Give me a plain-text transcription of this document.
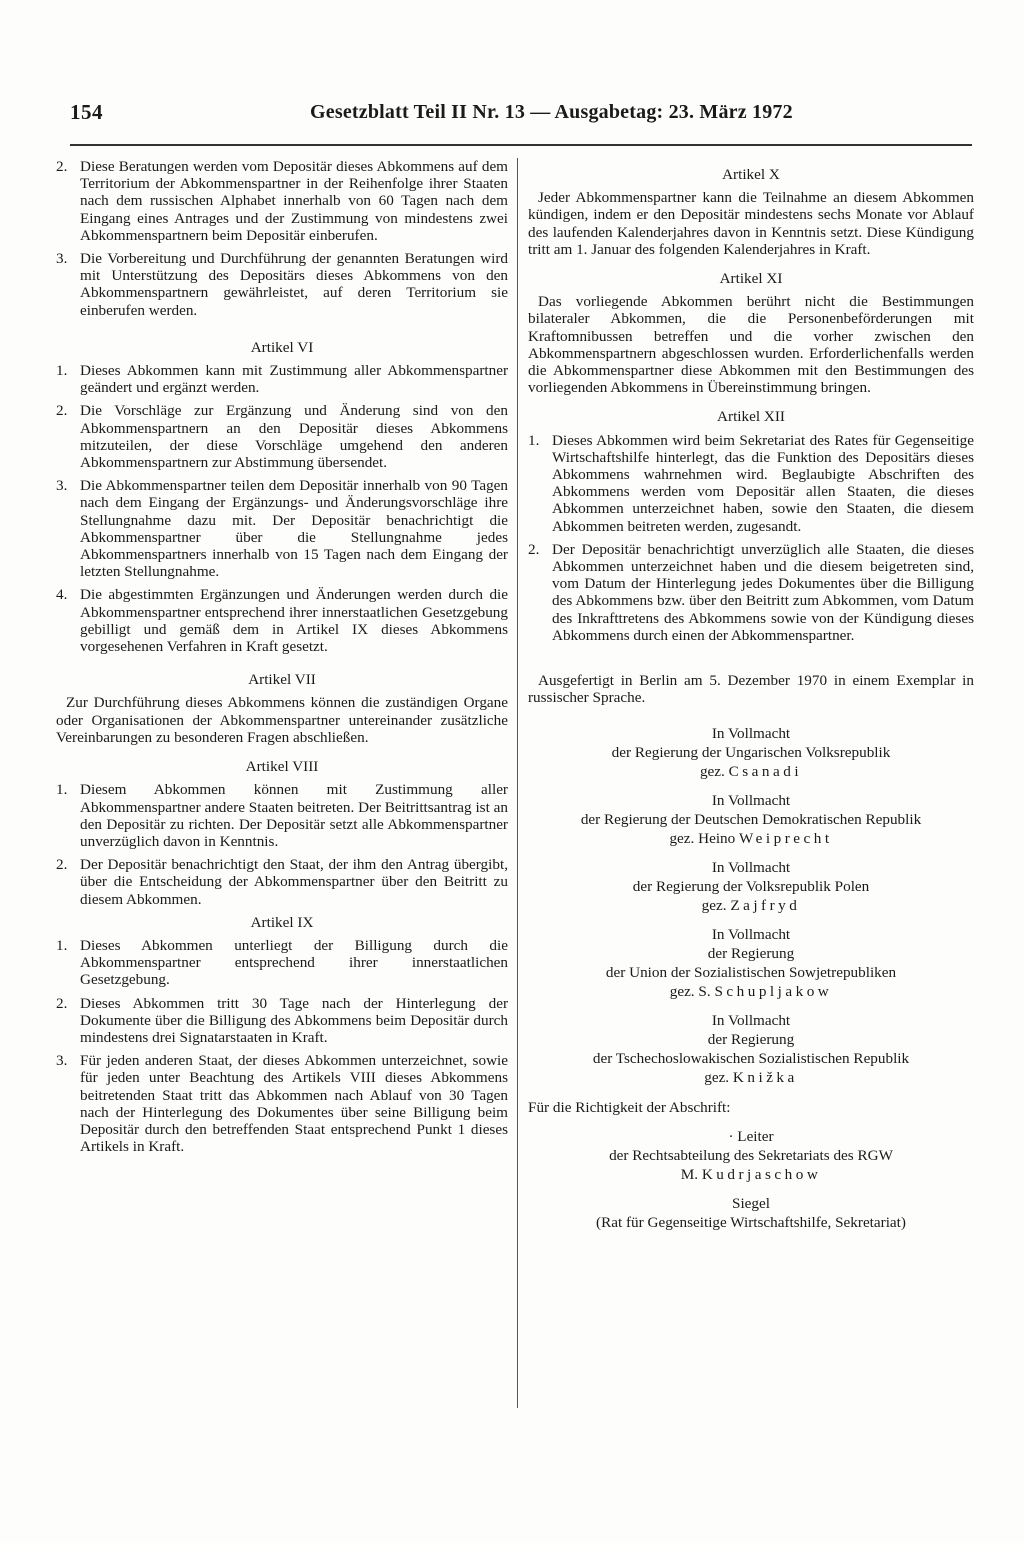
154	Gesetzblatt Teil II Nr. 13 — Ausgabetag: 23. März 1972
2. Diese Beratungen werden vom Depositär dieses Abkommens auf dem Territorium der Abkommenspartner in der Reihenfolge ihrer Staaten nach dem russischen Alphabet innerhalb von 60 Tagen nach dem Eingang eines Antrages und der Zustimmung von mindestens zwei Abkommenspartnern beim Depositär einberufen.
3. Die Vorbereitung und Durchführung der genannten Beratungen wird mit Unterstützung des Depositärs dieses Abkommens von den Abkommenspartnern gewährleistet, auf deren Territorium sie einberufen werden.
Artikel VI
1. Dieses Abkommen kann mit Zustimmung aller Abkommenspartner geändert und ergänzt werden.
2. Die Vorschläge zur Ergänzung und Änderung sind von den Abkommenspartnern an den Depositär dieses Abkommens mitzuteilen, der diese Vorschläge umgehend den anderen Abkommenspartnern zur Abstimmung übersendet.
3. Die Abkommenspartner teilen dem Depositär innerhalb von 90 Tagen nach dem Eingang der Ergänzungs- und Änderungsvorschläge ihre Stellungnahme dazu mit. Der Depositär benachrichtigt die Abkommenspartner über die Stellungnahme jedes Abkommenspartners innerhalb von 15 Tagen nach dem Eingang der letzten Stellungnahme.
4. Die abgestimmten Ergänzungen und Änderungen werden durch die Abkommenspartner entsprechend ihrer innerstaatlichen Gesetzgebung gebilligt und gemäß dem in Artikel IX dieses Abkommens vorgesehenen Verfahren in Kraft gesetzt.
Artikel VII
Zur Durchführung dieses Abkommens können die zuständigen Organe oder Organisationen der Abkommenspartner untereinander zusätzliche Vereinbarungen zu besonderen Fragen abschließen.
Artikel VIII
1. Diesem Abkommen können mit Zustimmung aller Abkommenspartner andere Staaten beitreten. Der Beitrittsantrag ist an den Depositär zu richten. Der Depositär setzt alle Abkommenspartner unverzüglich davon in Kenntnis.
2. Der Depositär benachrichtigt den Staat, der ihm den Antrag übergibt, über die Entscheidung der Abkommenspartner über den Beitritt zu diesem Abkommen.
Artikel IX
1. Dieses Abkommen unterliegt der Billigung durch die Abkommenspartner entsprechend ihrer innerstaatlichen Gesetzgebung.
2. Dieses Abkommen tritt 30 Tage nach der Hinterlegung der Dokumente über die Billigung des Abkommens beim Depositär durch mindestens drei Signatarstaaten in Kraft.
3. Für jeden anderen Staat, der dieses Abkommen unterzeichnet, sowie für jeden unter Beachtung des Artikels VIII dieses Abkommens beitretenden Staat tritt das Abkommen nach Ablauf von 30 Tagen nach der Hinterlegung des Dokumentes über seine Billigung beim Depositär durch den betreffenden Staat entsprechend Punkt 1 dieses Artikels in Kraft.
Artikel X
Jeder Abkommenspartner kann die Teilnahme an diesem Abkommen kündigen, indem er den Depositär mindestens sechs Monate vor Ablauf des laufenden Kalenderjahres davon in Kenntnis setzt. Diese Kündigung tritt am 1. Januar des folgenden Kalenderjahres in Kraft.
Artikel XI
Das vorliegende Abkommen berührt nicht die Bestimmungen bilateraler Abkommen, die die Personenbeförderungen mit Kraftomnibussen betreffen und die vorher zwischen den Abkommenspartnern abgeschlossen wurden. Erforderlichenfalls werden die Abkommenspartner diese Abkommen mit den Bestimmungen des vorliegenden Abkommens in Übereinstimmung bringen.
Artikel XII
1. Dieses Abkommen wird beim Sekretariat des Rates für Gegenseitige Wirtschaftshilfe hinterlegt, das die Funktion des Depositärs dieses Abkommens wahrnehmen wird. Beglaubigte Abschriften des Abkommens werden vom Depositär allen Staaten, die dieses Abkommen unterzeichnet haben, sowie den Staaten, die diesem Abkommen beitreten werden, zugesandt.
2. Der Depositär benachrichtigt unverzüglich alle Staaten, die dieses Abkommen unterzeichnet haben und die diesem beigetreten sind, vom Datum der Hinterlegung jedes Dokumentes über die Billigung des Abkommens bzw. über den Beitritt zum Abkommen, vom Datum des Inkrafttretens des Abkommens sowie von der Kündigung dieses Abkommens durch einen der Abkommenspartner.
Ausgefertigt in Berlin am 5. Dezember 1970 in einem Exemplar in russischer Sprache.

In Vollmacht

der Regierung der Ungarischen Volksrepublik

gez. Csanadi

In Vollmacht

der Regierung der Deutschen Demokratischen Republik

gez. Heino Weiprecht

In Vollmacht

der Regierung der Volksrepublik Polen

gez. Zajfryd

In Vollmacht

der Regierung

der Union der Sozialistischen Sowjetrepubliken

gez. S. Schupljakow

In Vollmacht

der Regierung

der Tschechoslowakischen Sozialistischen Republik

gez. Knižka

Für die Richtigkeit der Abschrift:

· Leiter

der Rechtsabteilung des Sekretariats des RGW

M. Kudrjaschow

Siegel

(Rat für Gegenseitige Wirtschaftshilfe, Sekretariat)
